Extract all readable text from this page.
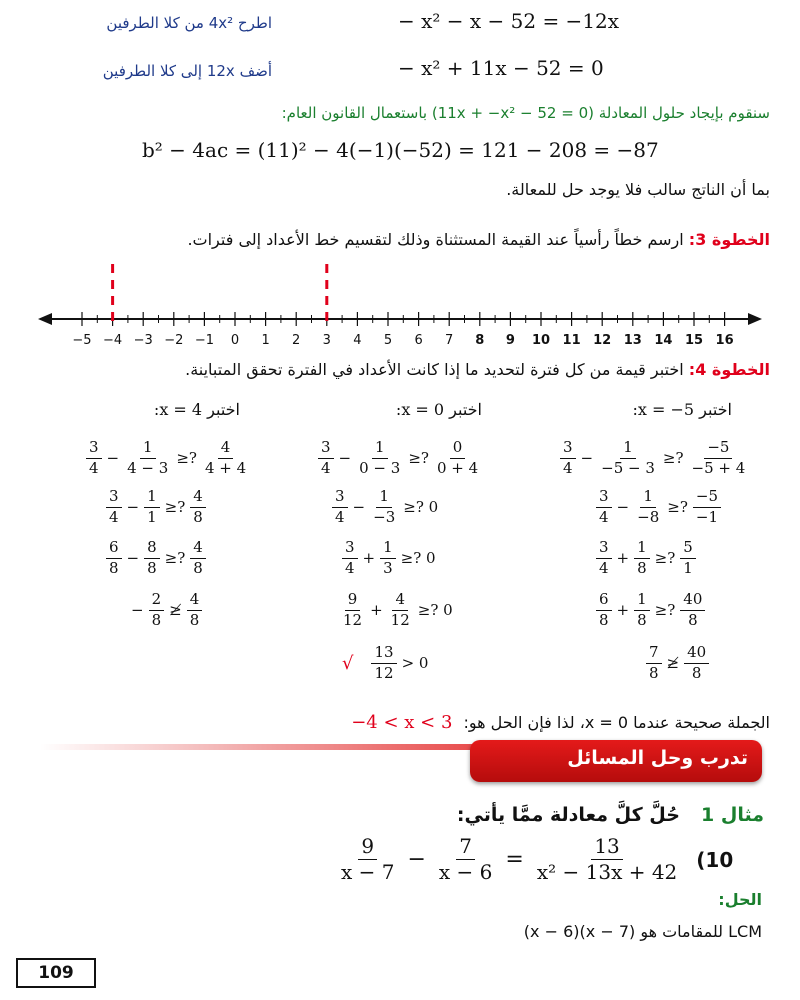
اطرح 4x² من كلا الطرفين	− x² − x − 52 = −12x
أضف 12x إلى كلا الطرفين	− x² + 11x − 52 = 0
سنقوم بإيجاد حلول المعادلة (0 = 52 − 11x + −x²) باستعمال القانون العام:
b² − 4ac = (11)² − 4(−1)(−52) = 121 − 208 = −87
بما أن الناتج سالب فلا يوجد حل للمعالة.
الخطوة 3: ارسم خطاً رأسياً عند القيمة المستثناة وذلك لتقسيم خط الأعداد إلى فترات.
−5 −4 −3 −2 −1 0 1 2 3 4 5 6 7 8 9 10 11 12 13 14 15 16
الخطوة 4: اختبر قيمة من كل فترة لتحديد ما إذا كانت الأعداد في الفترة تحقق المتباينة.
اختبر x = −5:
اختبر x = 0:
اختبر x = 4:
$\frac{3}{4} - \frac{1}{-5 - 3}$ ≥? $\frac{-5}{-5 + 4}$
$\frac{3}{4} - \frac{1}{-8}$ ≥? $\frac{-5}{-1}$
$\frac{3}{4} + \frac{1}{8}$ ≥? $\frac{5}{1}$
$\frac{6}{8} + \frac{1}{8}$ ≥? $\frac{40}{8}$
$\frac{7}{8}$ ≱ $\frac{40}{8}$
$\frac{3}{4} - \frac{1}{0 - 3}$ ≥? $\frac{0}{0 + 4}$
$\frac{3}{4} - \frac{1}{-3}$ ≥? 0
$\frac{3}{4} + \frac{1}{3}$ ≥? 0
$\frac{9}{12} + \frac{4}{12}$ ≥? 0
√ $\frac{13}{12} > 0$
$\frac{3}{4} - \frac{1}{4 - 3}$ ≥? $\frac{4}{4 + 4}$
$\frac{3}{4} - \frac{1}{1}$ ≥? $\frac{4}{8}$
$\frac{6}{8} - \frac{8}{8}$ ≥? $\frac{4}{8}$
− $\frac{2}{8}$ ≱ $\frac{4}{8}$
الجملة صحيحة عندما 0 = x، لذا فإن الحل هو: −4 < x < 3
تدرب وحل المسائل
مثال 1 حُلَّ كلَّ معادلة ممَّا يأتي:
$\frac{9}{x - 7} - \frac{7}{x - 6} = \frac{13}{\text{x² − 13x + 42}} (10$
الحل:
LCM للمقامات هو (x − 7)(x − 6)
109
